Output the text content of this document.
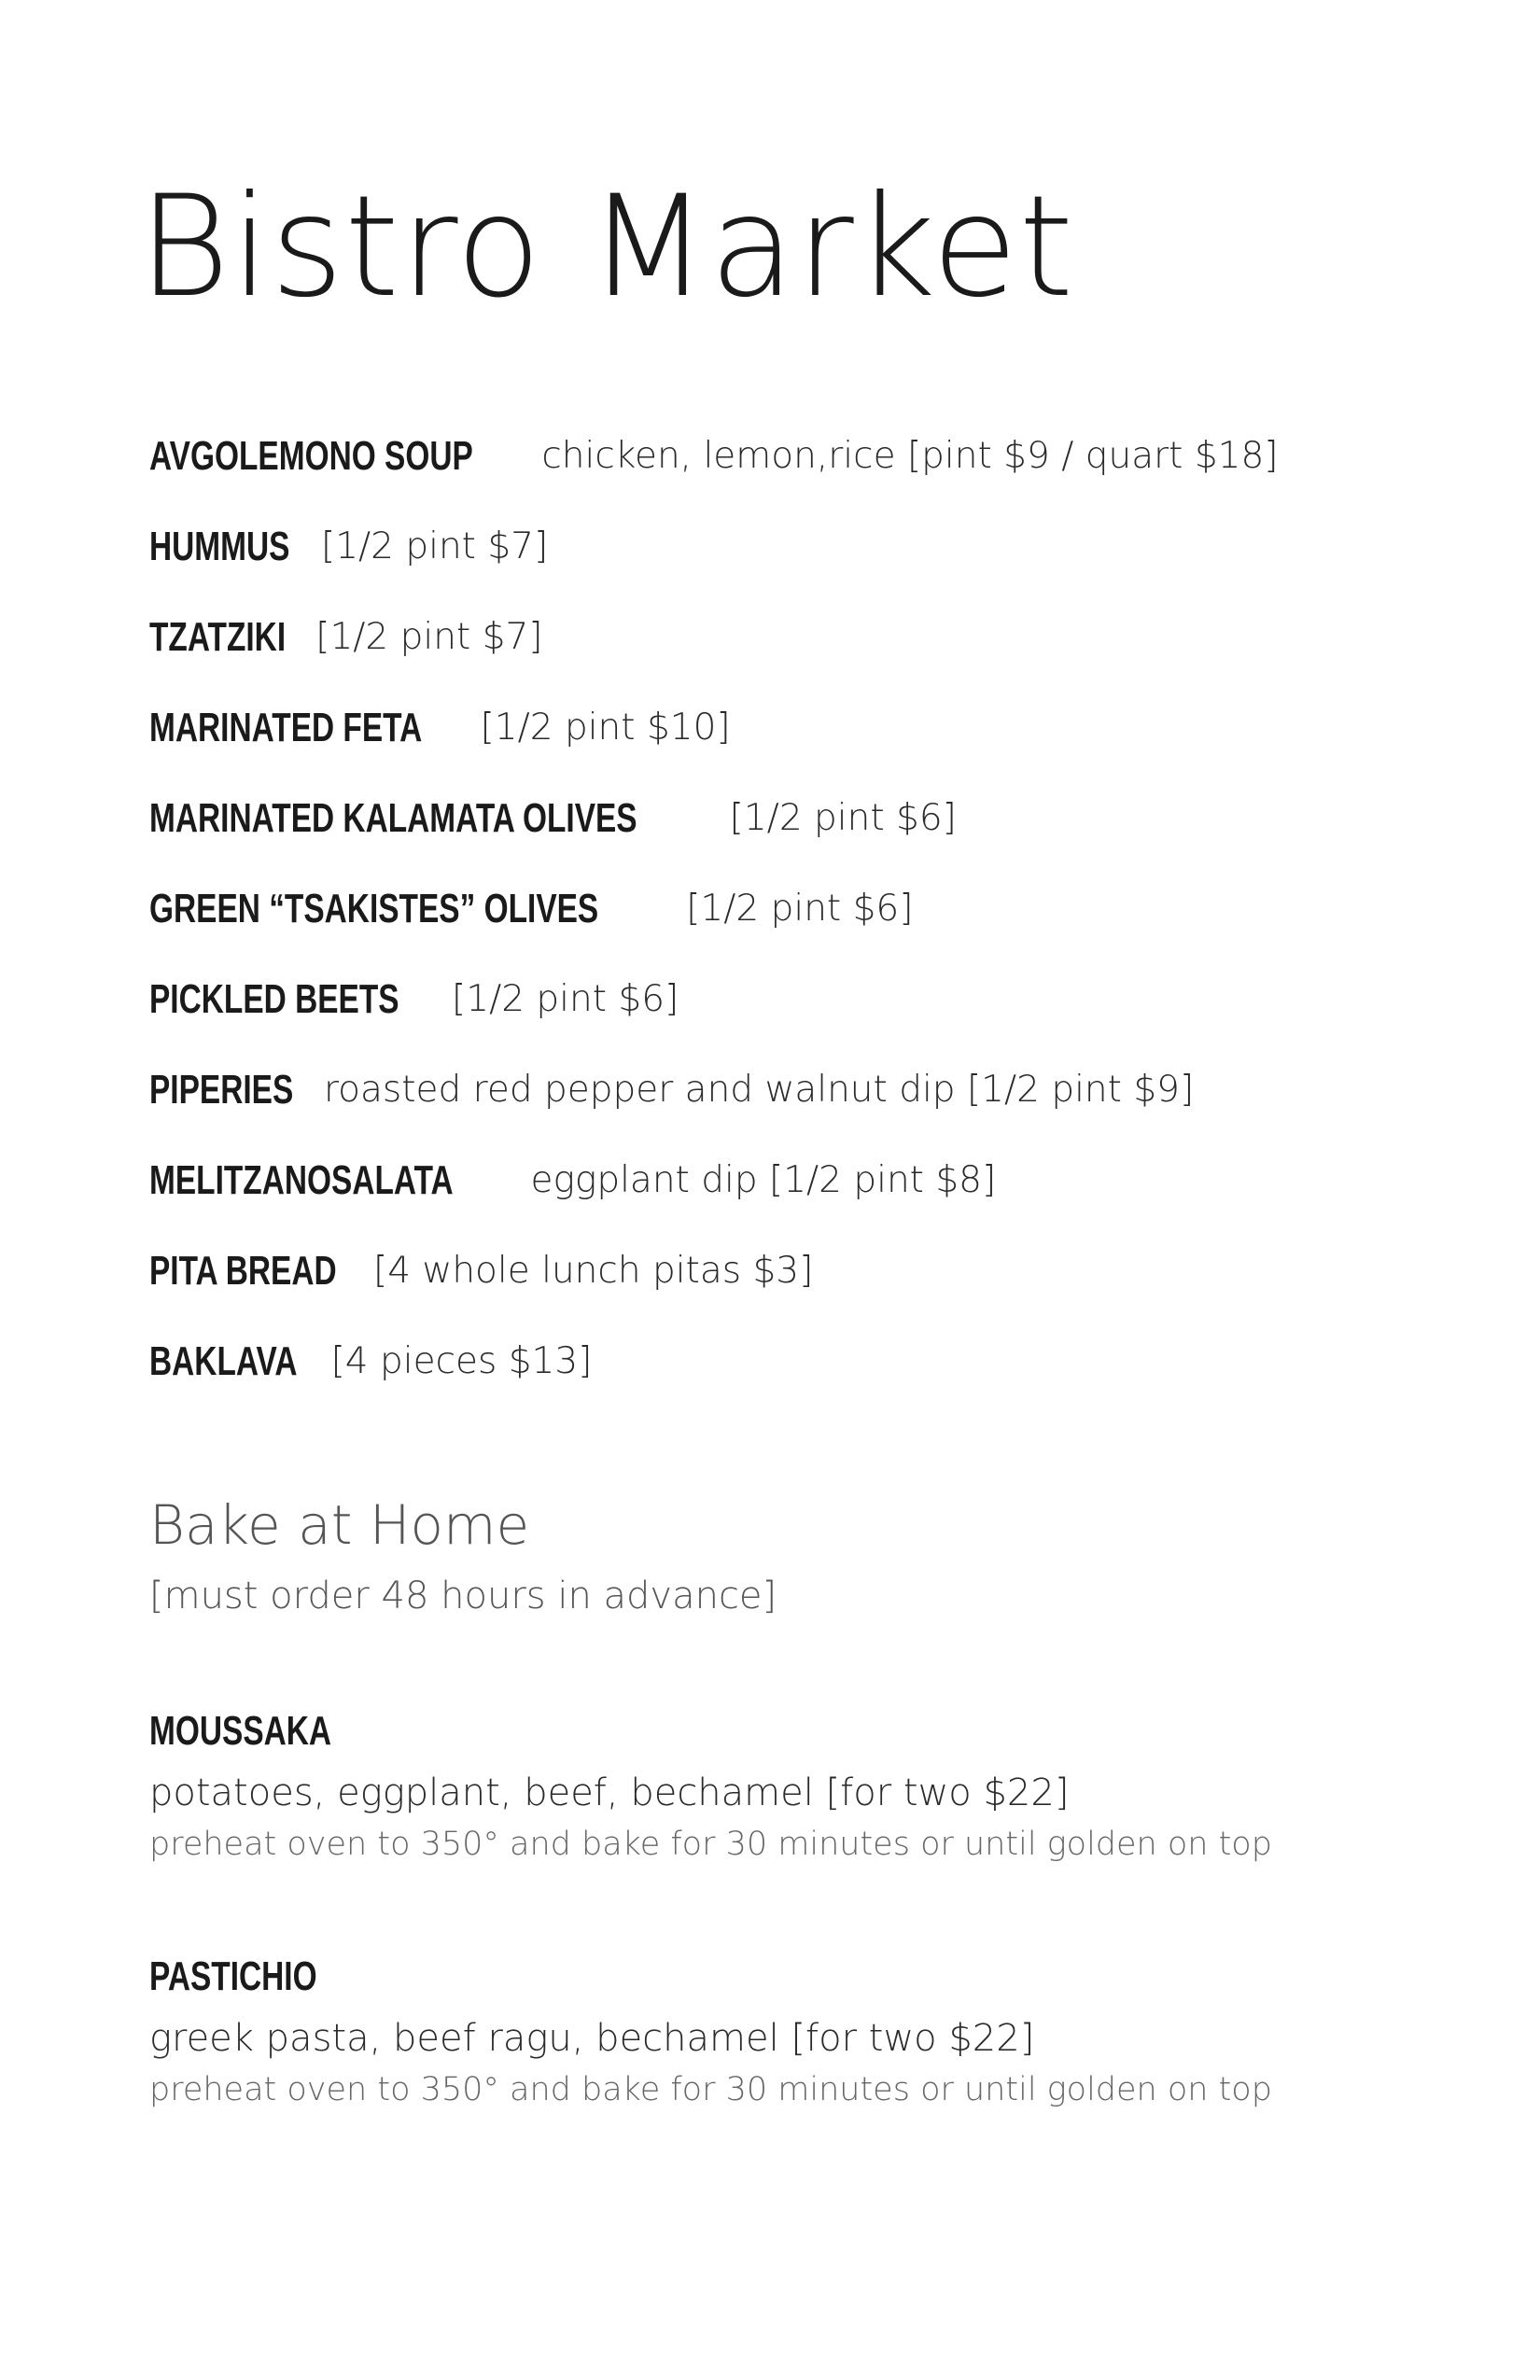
Bistro Market
AVGOLEMONO SOUP chicken, lemon,rice [pint $9 / quart $18]
HUMMUS [1/2 pint $7]
TZATZIKI [1/2 pint $7]
MARINATED FETA [1/2 pint $10]
MARINATED KALAMATA OLIVES	[1/2 pint $6]
GREEN “TSAKISTES” OLIVES [1/2 pint $6]
PICKLED BEETS [1/2 pint $6]
PIPERIES roasted red pepper and walnut dip [1/2 pint $9]
MELITZANOSALATA eggplant dip [1/2 pint $8]
PITA BREAD [4 whole lunch pitas $3]
BAKLAVA [4 pieces $13]
Bake at Home
[must order 48 hours in advance]
MOUSSAKA
potatoes, eggplant, beef, bechamel [for two $22]
preheat oven to 350° and bake for 30 minutes or until golden on top
PASTICHIO
greek pasta, beef ragu, bechamel [for two $22]
preheat oven to 350° and bake for 30 minutes or until golden on top
